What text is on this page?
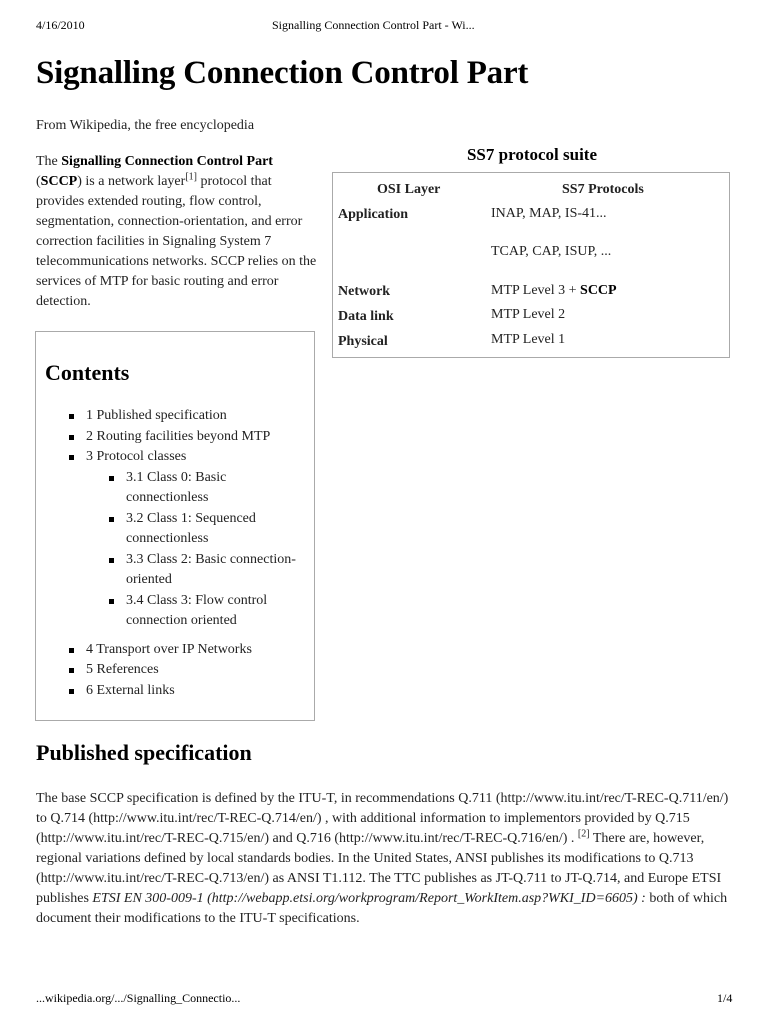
4/16/2010	Signalling Connection Control Part - Wi...
Signalling Connection Control Part
From Wikipedia, the free encyclopedia

The Signalling Connection Control Part (SCCP) is a network layer[1] protocol that provides extended routing, flow control, segmentation, connection-orientation, and error correction facilities in Signaling System 7 telecommunications networks. SCCP relies on the services of MTP for basic routing and error detection.

SS7 protocol suite
OSI Layer	SS7 Protocols
Application	INAP, MAP, IS-41...
TCAP, CAP, ISUP, ...
Network	MTP Level 3 + SCCP
Data link	MTP Level 2
Physical	MTP Level 1
Contents
1 Published specification
2 Routing facilities beyond MTP
3 Protocol classes
3.1 Class 0: Basic connectionless
3.2 Class 1: Sequenced connectionless
3.3 Class 2: Basic connection-oriented
3.4 Class 3: Flow control connection oriented
4 Transport over IP Networks
5 References
6 External links
Published specification

The base SCCP specification is defined by the ITU-T, in recommendations Q.711 (http://www.itu.int/rec/T-REC-Q.711/en/) to Q.714 (http://www.itu.int/rec/T-REC-Q.714/en/) , with additional information to implementors provided by Q.715 (http://www.itu.int/rec/T-REC-Q.715/en/) and Q.716 (http://www.itu.int/rec/T-REC-Q.716/en/) . [2] There are, however, regional variations defined by local standards bodies. In the United States, ANSI publishes its modifications to Q.713 (http://www.itu.int/rec/T-REC-Q.713/en/) as ANSI T1.112. The TTC publishes as JT-Q.711 to JT-Q.714, and Europe ETSI publishes ETSI EN 300-009-1 (http://webapp.etsi.org/workprogram/Report_WorkItem.asp?WKI_ID=6605) : both of which document their modifications to the ITU-T specifications.

...wikipedia.org/.../Signalling_Connectio...	1/4
